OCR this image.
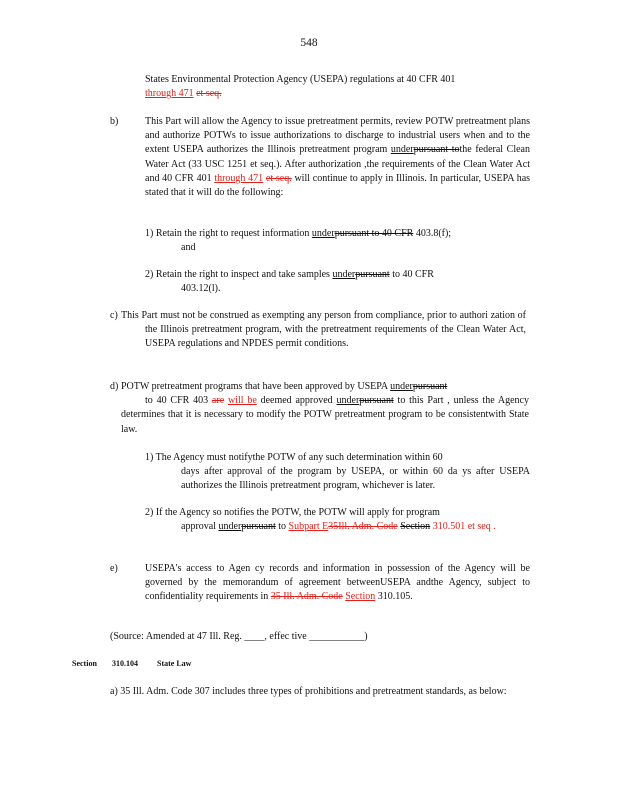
548
States Environmental Protection Agency (USEPA) regulations at 40 CFR 401
through 471 et seq.
b)	This Part will allow the Agency to issue pretreatment permits, review POTW pretreatment plans and authorize POTWs to issue authorizations to discharge to industrial users when and to the extent USEPA authorizes the Illinois pretreatment program underpursuant tothe federal Clean Water Act (33 USC 1251 et seq.). After authorization ,the requirements of the Clean Water Act and 40 CFR 401 through 471 et seq. will continue to apply in Illinois. In particular, USEPA has stated that it will do the following:
1) Retain the right to request information underpursuant to 40 CFR 403.8(f);
and
2) Retain the right to inspect and take samples underpursuant to 40 CFR
403.12(l).
c) This Part must not be construed as exempting any person from compliance, prior to authori zation of the Illinois pretreatment program, with the pretreatment requirements of the Clean Water Act, USEPA regulations and NPDES permit conditions.
d) POTW pretreatment programs that have been approved by USEPA underpursuant
to 40 CFR 403 are will be deemed approved underpursuant to this Part , unless the Agency determines that it is necessary to modify the POTW pretreatment program to be consistentwith State law.
1) The Agency must notifythe POTW of any such determination within 60

days after approval of the program by USEPA, or within 60 da ys after USEPA authorizes the Illinois pretreatment program, whichever is later.
2) If the Agency so notifies the POTW, the POTW will apply for program
approval underpursuant to Subpart E35Ill. Adm. Code Section 310.501 et seq .
e)	USEPA's access to Agen cy records and information in possession of the Agency will be governed by the memorandum of agreement betweenUSEPA andthe Agency, subject to confidentiality requirements in 35 Ill. Adm. Code Section 310.105.
(Source: Amended at 47 Ill. Reg. ____, effec tive ___________)
Section 310.104 State Law
a) 35 Ill. Adm. Code 307 includes three types of prohibitions and pretreatment standards, as below:
